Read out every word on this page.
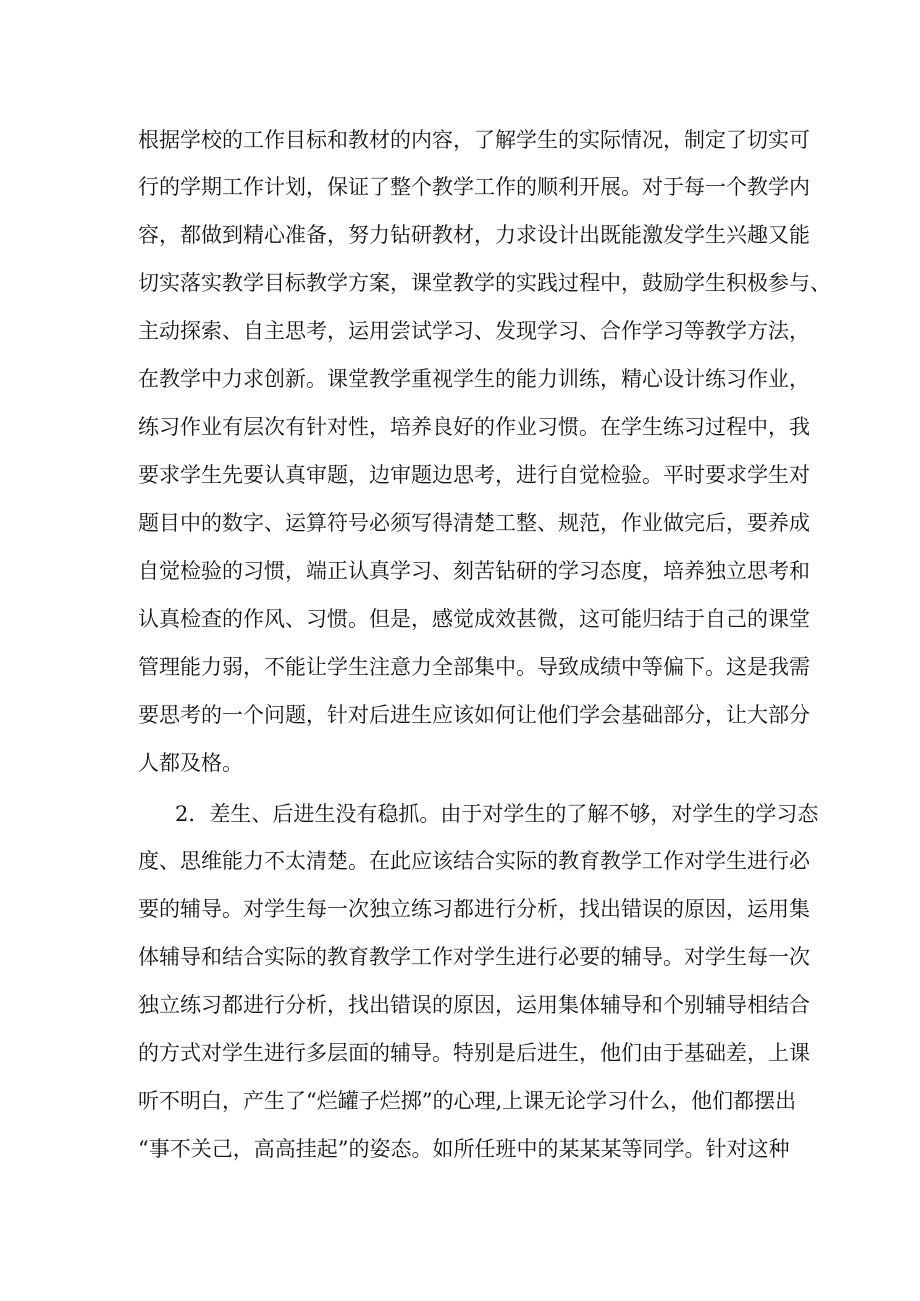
根据学校的工作目标和教材的内容，了解学生的实际情况，制定了切实可
行的学期工作计划，保证了整个教学工作的顺利开展。对于每一个教学内
容，都做到精心准备，努力钻研教材，力求设计出既能激发学生兴趣又能
切实落实教学目标教学方案，课堂教学的实践过程中，鼓励学生积极参与、
主动探索、自主思考，运用尝试学习、发现学习、合作学习等教学方法，
在教学中力求创新。课堂教学重视学生的能力训练，精心设计练习作业，
练习作业有层次有针对性，培养良好的作业习惯。在学生练习过程中，我
要求学生先要认真审题，边审题边思考，进行自觉检验。平时要求学生对
题目中的数字、运算符号必须写得清楚工整、规范，作业做完后，要养成
自觉检验的习惯，端正认真学习、刻苦钻研的学习态度，培养独立思考和
认真检查的作风、习惯。但是，感觉成效甚微，这可能归结于自己的课堂
管理能力弱，不能让学生注意力全部集中。导致成绩中等偏下。这是我需
要思考的一个问题，针对后进生应该如何让他们学会基础部分，让大部分
人都及格。
2．差生、后进生没有稳抓。由于对学生的了解不够，对学生的学习态
度、思维能力不太清楚。在此应该结合实际的教育教学工作对学生进行必
要的辅导。对学生每一次独立练习都进行分析，找出错误的原因，运用集
体辅导和结合实际的教育教学工作对学生进行必要的辅导。对学生每一次
独立练习都进行分析，找出错误的原因，运用集体辅导和个别辅导相结合
的方式对学生进行多层面的辅导。特别是后进生，他们由于基础差，上课
听不明白，产生了“烂罐子烂掷”的心理,上课无论学习什么，他们都摆出
“事不关己，高高挂起”的姿态。如所任班中的某某某等同学。针对这种
